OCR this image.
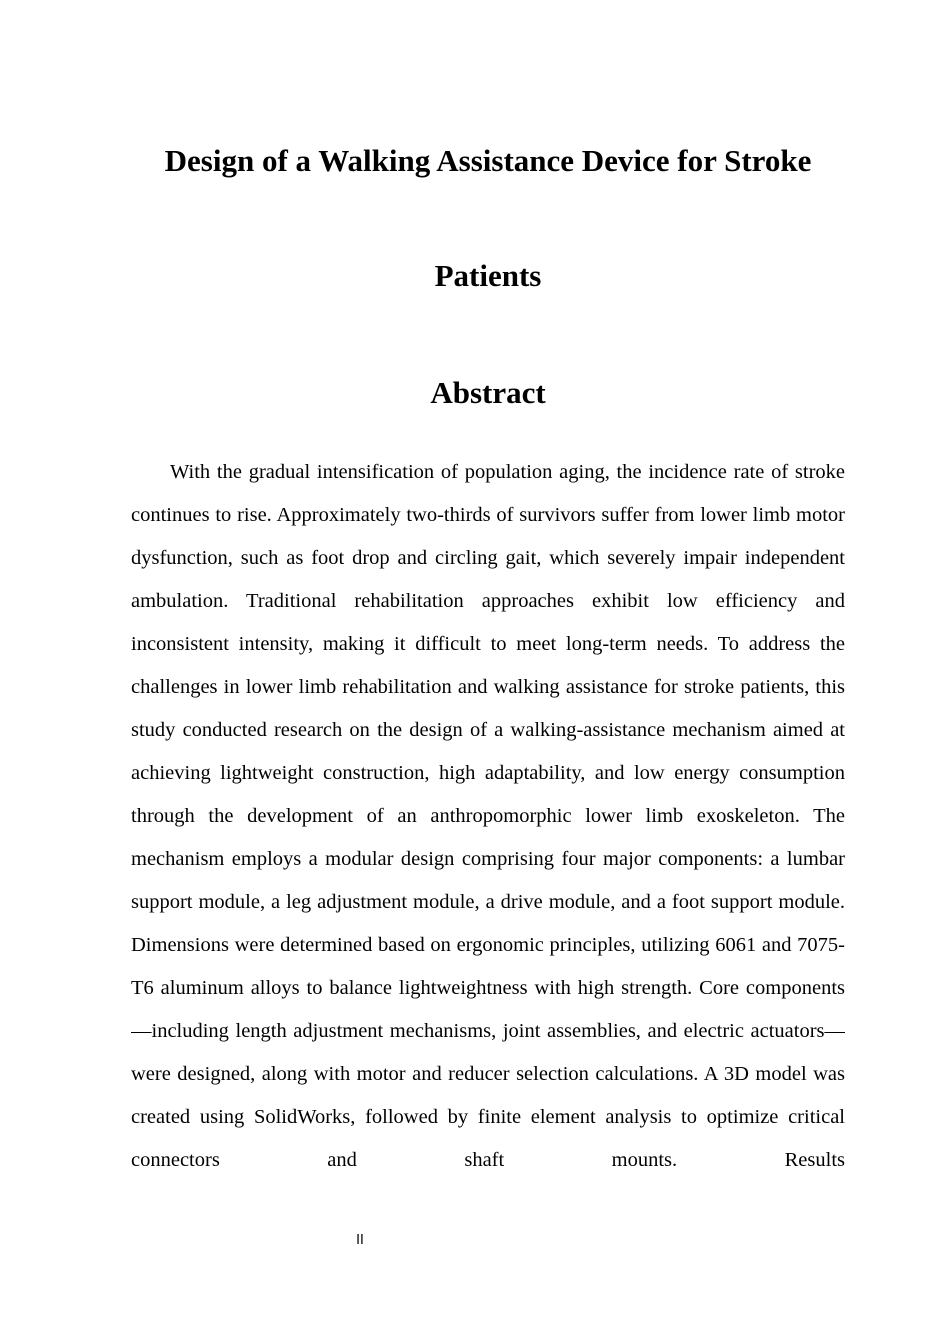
Design of a Walking Assistance Device for Stroke
Patients
Abstract

With the gradual intensification of population aging, the incidence rate of stroke continues to rise. Approximately two-thirds of survivors suffer from lower limb motor dysfunction, such as foot drop and circling gait, which severely impair independent ambulation. Traditional rehabilitation approaches exhibit low efficiency and inconsistent intensity, making it difficult to meet long-term needs. To address the challenges in lower limb rehabilitation and walking assistance for stroke patients, this study conducted research on the design of a walking-assistance mechanism aimed at achieving lightweight construction, high adaptability, and low energy consumption through the development of an anthropomorphic lower limb exoskeleton. The mechanism employs a modular design comprising four major components: a lumbar support module, a leg adjustment module, a drive module, and a foot support module. Dimensions were determined based on ergonomic principles, utilizing 6061 and 7075-T6 aluminum alloys to balance lightweightness with high strength. Core components—including length adjustment mechanisms, joint assemblies, and electric actuators—were designed, along with motor and reducer selection calculations. A 3D model was created using SolidWorks, followed by finite element analysis to optimize critical connectors and shaft mounts. Results

II
